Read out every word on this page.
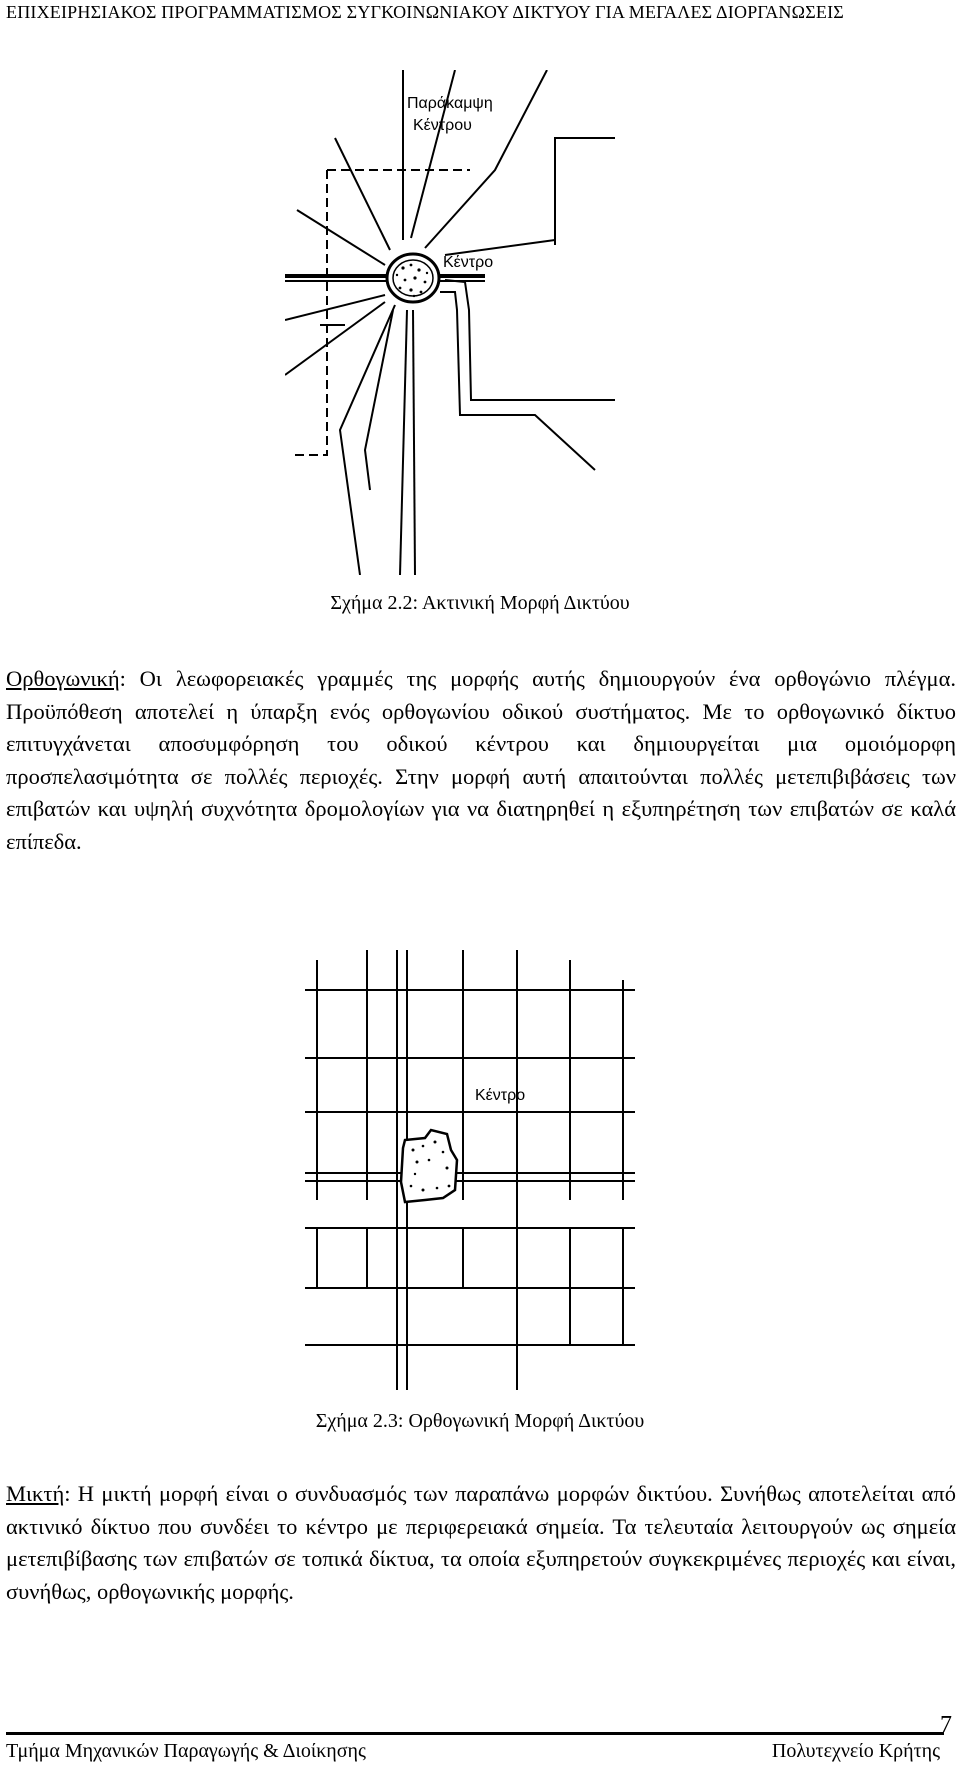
ΕΠΙΧΕΙΡΗΣΙΑΚΟΣ ΠΡΟΓΡΑΜΜΑΤΙΣΜΟΣ ΣΥΓΚΟΙΝΩΝΙΑΚΟΥ ΔΙΚΤΥΟΥ ΓΙΑ ΜΕΓΑΛΕΣ ΔΙΟΡΓΑΝΩΣΕΙΣ
Παράκαμψη
Κέντρου
Κέντρο
Σχήμα 2.2: Ακτινική Μορφή Δικτύου
Ορθογωνική: Οι λεωφορειακές γραμμές της μορφής αυτής δημιουργούν ένα ορθογώνιο πλέγμα. Προϋπόθεση αποτελεί η ύπαρξη ενός ορθογωνίου οδικού συστήματος. Με το ορθογωνικό δίκτυο επιτυγχάνεται αποσυμφόρηση του οδικού κέντρου και δημιουργείται μια ομοιόμορφη προσπελασιμότητα σε πολλές περιοχές. Στην μορφή αυτή απαιτούνται πολλές μετεπιβιβάσεις των επιβατών και υψηλή συχνότητα δρομολογίων για να διατηρηθεί η εξυπηρέτηση των επιβατών σε καλά επίπεδα.
Κέντρο
Σχήμα 2.3: Ορθογωνική Μορφή Δικτύου
Μικτή: Η μικτή μορφή είναι ο συνδυασμός των παραπάνω μορφών δικτύου. Συνήθως αποτελείται από ακτινικό δίκτυο που συνδέει το κέντρο με περιφερειακά σημεία. Τα τελευταία λειτουργούν ως σημεία μετεπιβίβασης των επιβατών σε τοπικά δίκτυα, τα οποία εξυπηρετούν συγκεκριμένες περιοχές και είναι, συνήθως, ορθογωνικής μορφής.
7
Τμήμα Μηχανικών Παραγωγής & Διοίκησης	Πολυτεχνείο Κρήτης
